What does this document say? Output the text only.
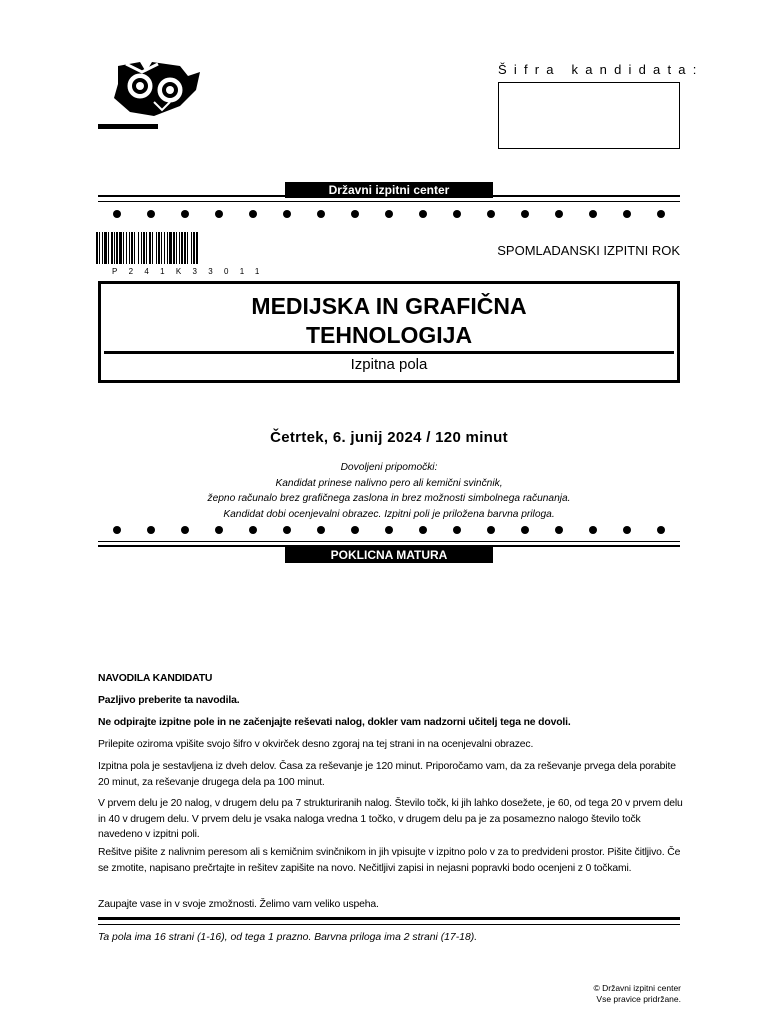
Šifra kandidata:
Državni izpitni center
P241K33011
SPOMLADANSKI IZPITNI ROK
MEDIJSKA IN GRAFIČNA
TEHNOLOGIJA
Izpitna pola
Četrtek, 6. junij 2024 / 120 minut
Dovoljeni pripomočki:
Kandidat prinese nalivno pero ali kemični svinčnik,
žepno računalo brez grafičnega zaslona in brez možnosti simbolnega računanja.
Kandidat dobi ocenjevalni obrazec. Izpitni poli je priložena barvna priloga.
POKLICNA MATURA
NAVODILA KANDIDATU
Pazljivo preberite ta navodila.
Ne odpirajte izpitne pole in ne začenjajte reševati nalog, dokler vam nadzorni učitelj tega ne dovoli.
Prilepite oziroma vpišite svojo šifro v okvirček desno zgoraj na tej strani in na ocenjevalni obrazec.
Izpitna pola je sestavljena iz dveh delov. Časa za reševanje je 120 minut. Priporočamo vam, da za reševanje prvega dela porabite 20 minut, za reševanje drugega dela pa 100 minut.
V prvem delu je 20 nalog, v drugem delu pa 7 strukturiranih nalog. Število točk, ki jih lahko dosežete, je 60, od tega 20 v prvem delu in 40 v drugem delu. V prvem delu je vsaka naloga vredna 1 točko, v drugem delu pa je za posamezno nalogo število točk navedeno v izpitni poli.
Rešitve pišite z nalivnim peresom ali s kemičnim svinčnikom in jih vpisujte v izpitno polo v za to predvideni prostor. Pišite čitljivo. Če se zmotite, napisano prečrtajte in rešitev zapišite na novo. Nečitljivi zapisi in nejasni popravki bodo ocenjeni z 0 točkami.
Zaupajte vase in v svoje zmožnosti. Želimo vam veliko uspeha.
Ta pola ima 16 strani (1-16), od tega 1 prazno. Barvna priloga ima 2 strani (17-18).
© Državni izpitni center
Vse pravice pridržane.
